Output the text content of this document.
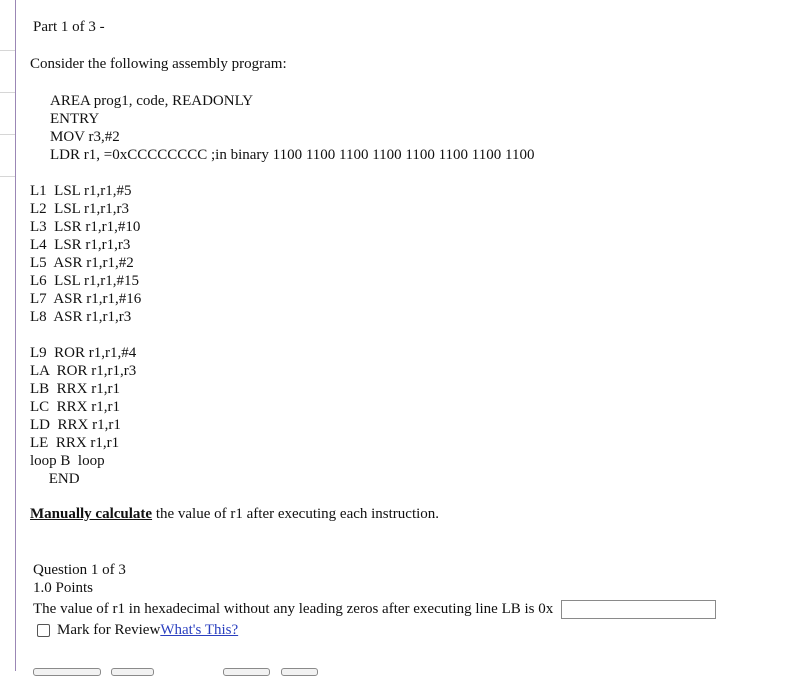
Part 1 of 3 -
Consider the following assembly program:
AREA prog1, code, READONLY
ENTRY
MOV r3,#2
LDR r1, =0xCCCCCCCC ;in binary 1100 1100 1100 1100 1100 1100 1100 1100
L1  LSL r1,r1,#5
L2  LSL r1,r1,r3
L3  LSR r1,r1,#10
L4  LSR r1,r1,r3
L5  ASR r1,r1,#2
L6  LSL r1,r1,#15
L7  ASR r1,r1,#16
L8  ASR r1,r1,r3
L9  ROR r1,r1,#4
LA  ROR r1,r1,r3
LB  RRX r1,r1
LC  RRX r1,r1
LD  RRX r1,r1
LE  RRX r1,r1
loop B  loop
END
Manually calculate the value of r1 after executing each instruction.
Question 1 of 3
1.0 Points
The value of r1 in hexadecimal without any leading zeros after executing line LB is 0x
Mark for Review What's This?
